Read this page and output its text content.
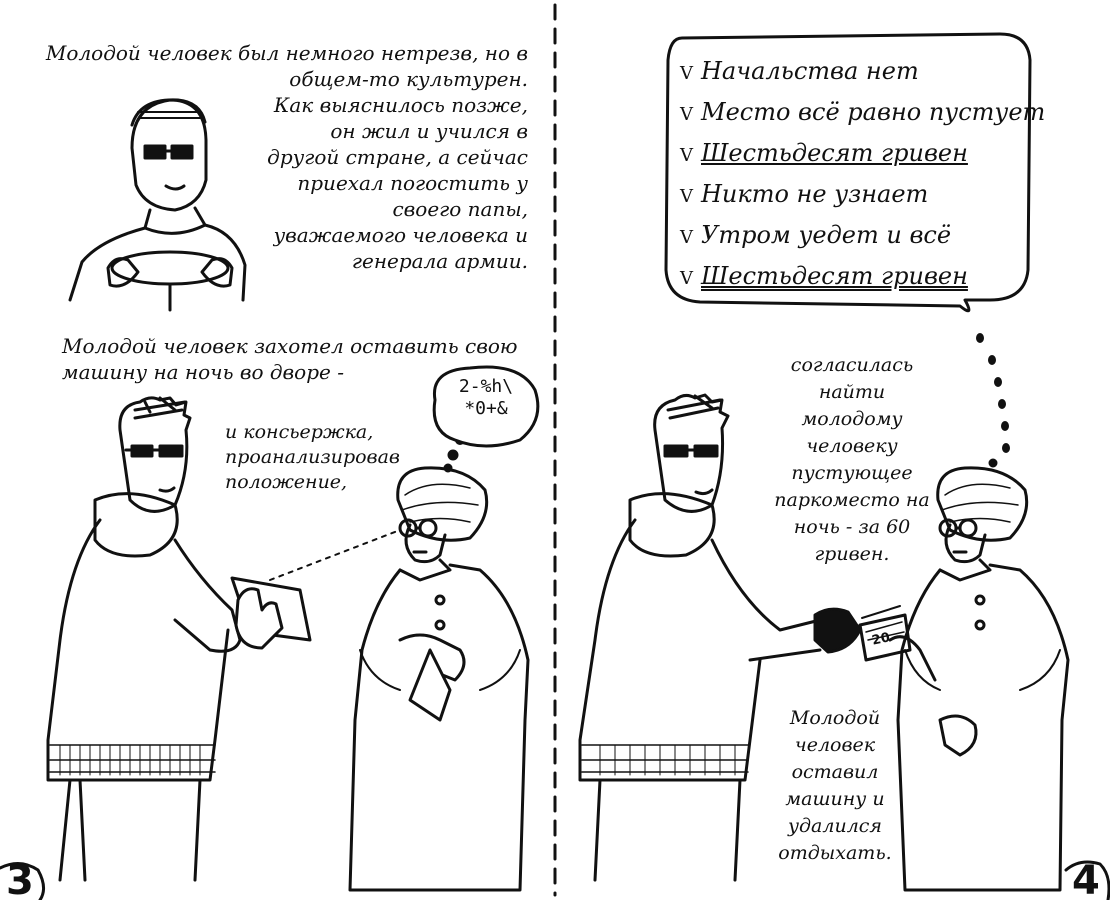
Молодой человек был немного нетрезв, но в
общем-то культурен.
Как выяснилось позже,
он жил и учился в
другой стране, а сейчас
приехал погостить у
своего папы,
уважаемого человека и
генерала армии.
Молодой человек захотел оставить свою
машину на ночь во дворе -
и консьержка,
проанализировав
положение,
2-%h\
*0+&
3
V Начальства нет
V Место всё равно пустует
V Шестьдесят гривен
V Никто не узнает
V Утром уедет и всё
V Шестьдесят гривен
согласилась
найти
молодому
человеку
пустующее
паркоместо на
ночь - за 60
гривен.
Молодой
человек
оставил
машину и
удалился
отдыхать.
20
4
